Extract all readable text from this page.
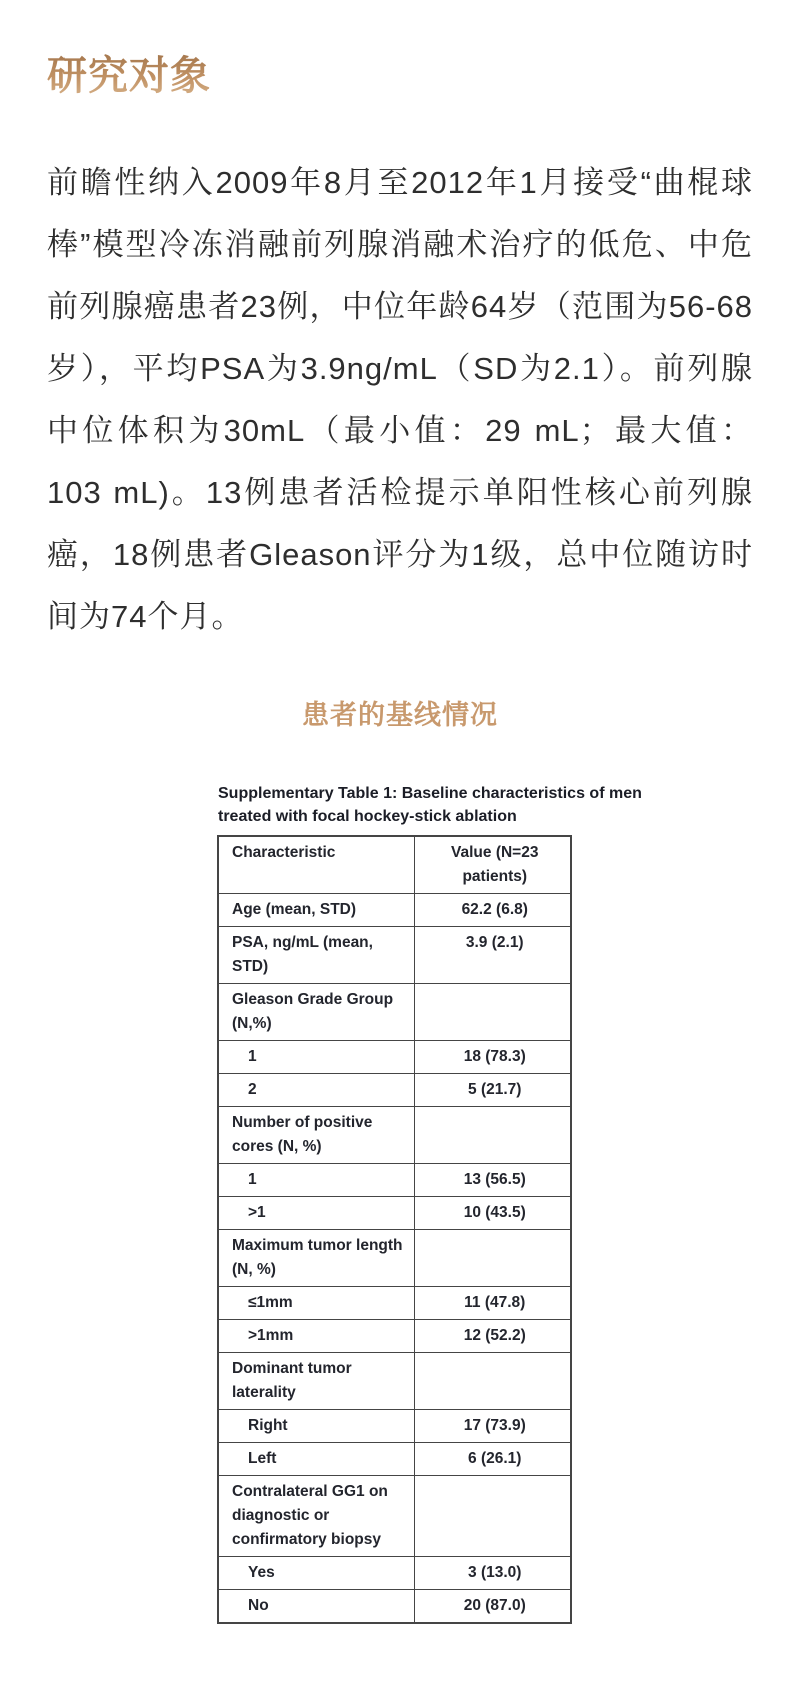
研究对象

前瞻性纳入2009年8月至2012年1月接受“曲棍球棒”模型冷冻消融前列腺消融术治疗的低危、中危前列腺癌患者23例，中位年龄64岁（范围为56-68岁），平均PSA为3.9ng/mL（SD为2.1）。前列腺中位体积为30mL（最小值：29 mL；最大值：103 mL)。13例患者活检提示单阳性核心前列腺癌，18例患者Gleason评分为1级，总中位随访时间为74个月。

患者的基线情况
Supplementary Table 1: Baseline characteristics of men treated with focal hockey-stick ablation
Characteristic	Value (N=23 patients)
Age (mean, STD)	62.2 (6.8)
PSA, ng/mL (mean, STD)	3.9 (2.1)
Gleason Grade Group (N,%)	
1	18 (78.3)
2	5 (21.7)
Number of positive cores (N, %)	
1	13 (56.5)
>1	10 (43.5)
Maximum tumor length (N, %)	
≤1mm	11 (47.8)
>1mm	12 (52.2)
Dominant tumor laterality	
Right	17 (73.9)
Left	6 (26.1)
Contralateral GG1 on diagnostic or confirmatory biopsy	
Yes	3 (13.0)
No	20 (87.0)
